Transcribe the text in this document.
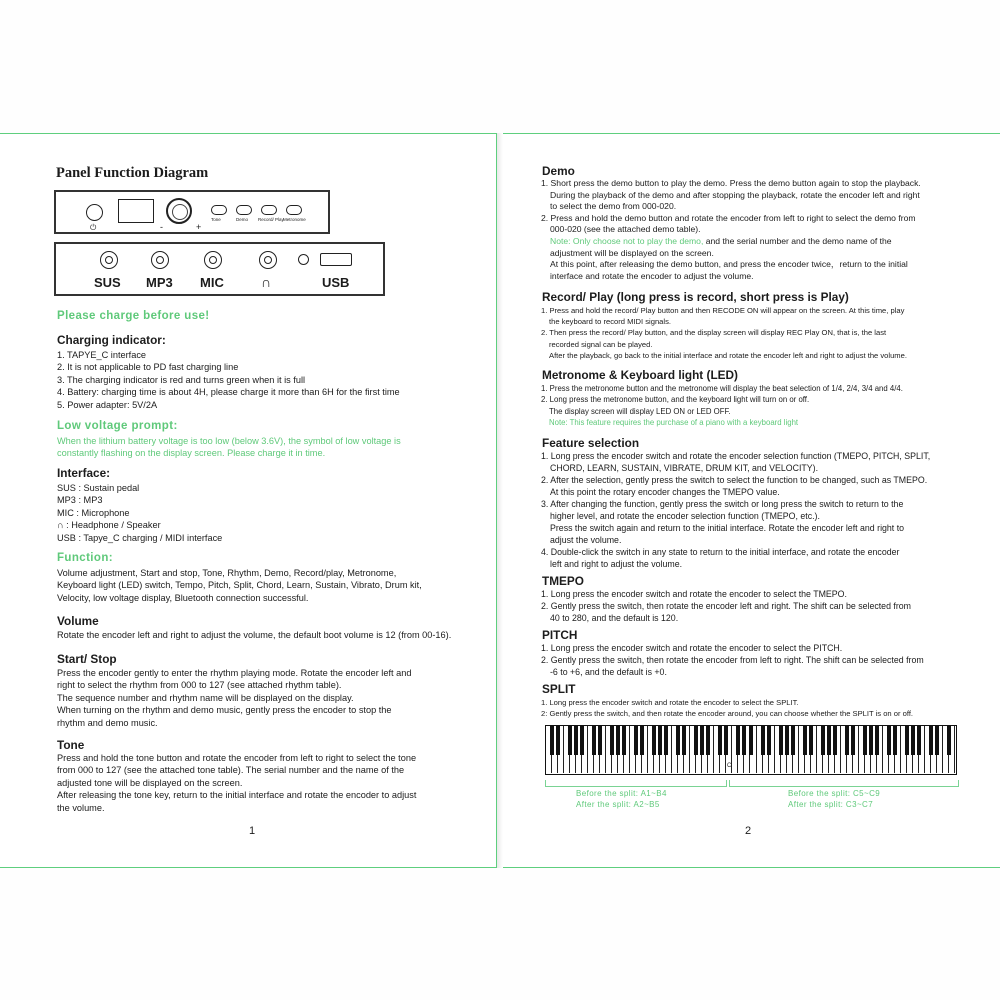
Panel Function Diagram
⏻	-	+
Tone	Demo Record/ Play Metronome
SUS MP3 MIC	∩	USB
Please charge before use!
Charging indicator:
1. TAPYE_C interface
2. It is not applicable to PD fast charging line
3. The charging indicator is red and turns green when it is full
4. Battery: charging time is about 4H, please charge it more than 6H for the first time
5. Power adapter: 5V/2A
Low voltage prompt:
When the lithium battery voltage is too low (below 3.6V), the symbol of low voltage is
constantly flashing on the display screen. Please charge it in time.
Interface:
SUS : Sustain pedal
MP3 : MP3
MIC : Microphone
∩ : Headphone / Speaker
USB : Tapye_C charging / MIDI interface
Function:
Volume adjustment, Start and stop, Tone, Rhythm, Demo, Record/play, Metronome,
Keyboard light (LED) switch, Tempo, Pitch, Split, Chord, Learn, Sustain, Vibrato, Drum kit,
Velocity, low voltage display, Bluetooth connection successful.
Volume
Rotate the encoder left and right to adjust the volume, the default boot volume is 12 (from 00-16).
Start/ Stop
Press the encoder gently to enter the rhythm playing mode. Rotate the encoder left and
right to select the rhythm from 000 to 127 (see attached rhythm table).
The sequence number and rhythm name will be displayed on the display.
When turning on the rhythm and demo music, gently press the encoder to stop the
rhythm and demo music.
Tone
Press and hold the tone button and rotate the encoder from left to right to select the tone
from 000 to 127 (see the attached tone table). The serial number and the name of the
adjusted tone will be displayed on the screen.
After releasing the tone key, return to the initial interface and rotate the encoder to adjust
the volume.
1
Demo
1. Short press the demo button to play the demo. Press the demo button again to stop the playback.
During the playback of the demo and after stopping the playback, rotate the encoder left and right
to select the demo from 000-020.
2. Press and hold the demo button and rotate the encoder from left to right to select the demo from
000-020 (see the attached demo table).
Note: Only choose not to play the demo, and the serial number and the demo name of the
adjustment will be displayed on the screen.
At this point, after releasing the demo button, and press the encoder twice，return to the initial
interface and rotate the encoder to adjust the volume.
Record/ Play (long press is record, short press is Play)
1. Press and hold the record/ Play button and then RECODE ON will appear on the screen. At this time, play
the keyboard to record MIDI signals.
2. Then press the record/ Play button, and the display screen will display REC Play ON, that is, the last
recorded signal can be played.
After the playback, go back to the initial interface and rotate the encoder left and right to adjust the volume.
Metronome & Keyboard light (LED)
1. Press the metronome button and the metronome will display the beat selection of 1/4, 2/4, 3/4 and 4/4.
2. Long press the metronome button, and the keyboard light will turn on or off.
The display screen will display LED ON or LED OFF.
Note: This feature requires the purchase of a piano with a keyboard light
Feature selection
1. Long press the encoder switch and rotate the encoder selection function (TMEPO, PITCH, SPLIT,
CHORD, LEARN, SUSTAIN, VIBRATE, DRUM KIT, and VELOCITY).
2. After the selection, gently press the switch to select the function to be changed, such as TMEPO.
At this point the rotary encoder changes the TMEPO value.
3. After changing the function, gently press the switch or long press the switch to return to the
higher level, and rotate the encoder selection function (TMEPO, etc.).
Press the switch again and return to the initial interface. Rotate the encoder left and right to
adjust the volume.
4. Double-click the switch in any state to return to the initial interface, and rotate the encoder
left and right to adjust the volume.
TMEPO
1. Long press the encoder switch and rotate the encoder to select the TMEPO.
2. Gently press the switch, then rotate the encoder left and right. The shift can be selected from
40 to 280, and the default is 120.
PITCH
1. Long press the encoder switch and rotate the encoder to select the PITCH.
2. Gently press the switch, then rotate the encoder from left to right. The shift can be selected from
-6 to +6, and the default is +0.
SPLIT
1. Long press the encoder switch and rotate the encoder to select the SPLIT.
2: Gently press the switch, and then rotate the encoder around, you can choose whether the SPLIT is on or off.
C
Before the split: A1~B4
After the split: A2~B5
Before the split: C5~C9
After the split: C3~C7
2
